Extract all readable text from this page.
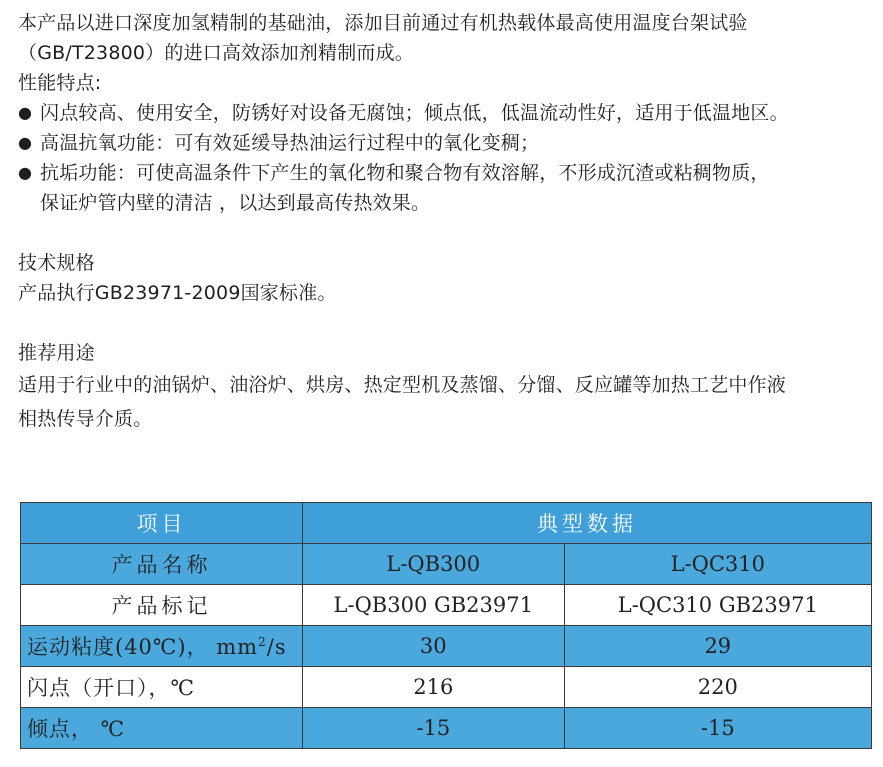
本产品以进口深度加氢精制的基础油，添加目前通过有机热载体最高使用温度台架试验

（GB/T23800）的进口高效添加剂精制而成。

性能特点:

● 闪点较高、使用安全，防锈好对设备无腐蚀；倾点低，低温流动性好，适用于低温地区。
● 高温抗氧功能：可有效延缓导热油运行过程中的氧化变稠；
● 抗垢功能：可使高温条件下产生的氧化物和聚合物有效溶解，不形成沉渣或粘稠物质，
保证炉管内壁的清洁 ，以达到最高传热效果。

技术规格

产品执行GB23971-2009国家标准。

推荐用途

适用于行业中的油锅炉、油浴炉、烘房、热定型机及蒸馏、分馏、反应罐等加热工艺中作液

相热传导介质。

项目	典型数据	
产品名称	L-QB300	L-QC310
产品标记	L-QB300 GB23971	L-QC310 GB23971
运动粘度(40℃)， $mm^2/s$	30	29
闪点（开口），℃	216	220
倾点， ℃	-15	-15
